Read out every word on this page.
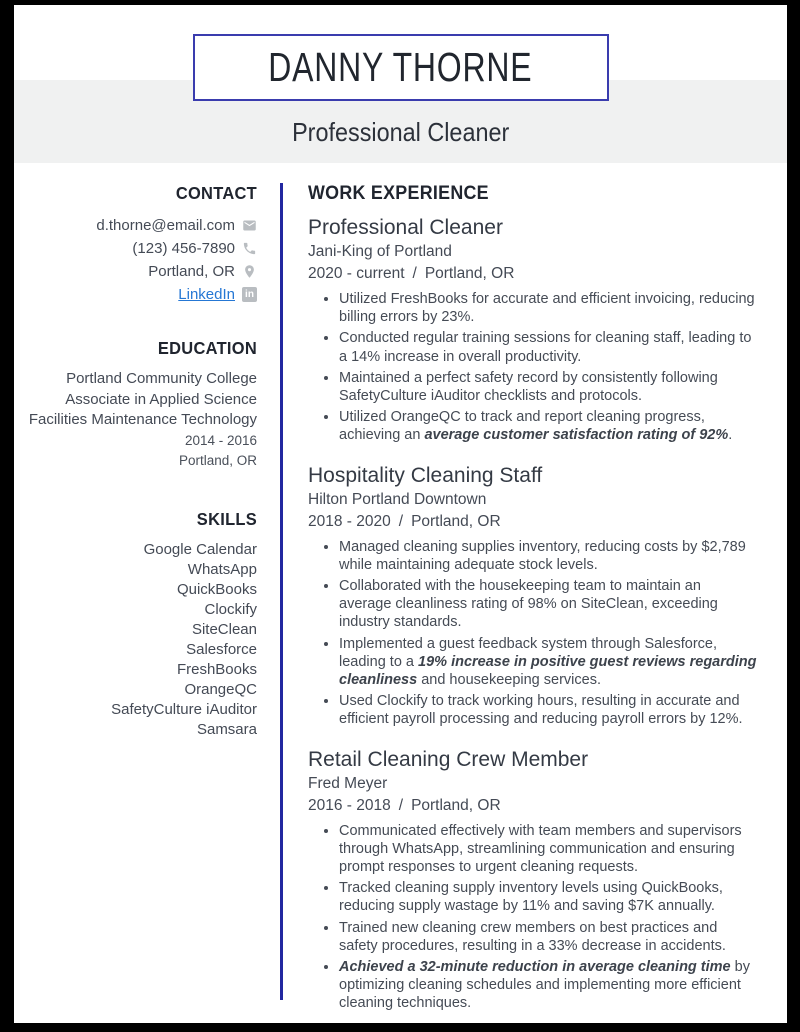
DANNY THORNE
Professional Cleaner
CONTACT
d.thorne@email.com
(123) 456-7890
Portland, OR
LinkedIn	in
EDUCATION
Portland Community College
Associate in Applied Science
Facilities Maintenance Technology
2014 - 2016
Portland, OR
SKILLS
Google Calendar
WhatsApp
QuickBooks
Clockify
SiteClean
Salesforce
FreshBooks
OrangeQC
SafetyCulture iAuditor
Samsara
WORK EXPERIENCE
Professional Cleaner
Jani-King of Portland
2020 - current / Portland, OR
• Utilized FreshBooks for accurate and efficient invoicing, reducing billing errors by 23%.
• Conducted regular training sessions for cleaning staff, leading to a 14% increase in overall productivity.
• Maintained a perfect safety record by consistently following SafetyCulture iAuditor checklists and protocols.
• Utilized OrangeQC to track and report cleaning progress, achieving an average customer satisfaction rating of 92%.
Hospitality Cleaning Staff
Hilton Portland Downtown
2018 - 2020 / Portland, OR
• Managed cleaning supplies inventory, reducing costs by $2,789 while maintaining adequate stock levels.
• Collaborated with the housekeeping team to maintain an average cleanliness rating of 98% on SiteClean, exceeding industry standards.
• Implemented a guest feedback system through Salesforce, leading to a 19% increase in positive guest reviews regarding cleanliness and housekeeping services.
• Used Clockify to track working hours, resulting in accurate and efficient payroll processing and reducing payroll errors by 12%.
Retail Cleaning Crew Member
Fred Meyer
2016 - 2018 / Portland, OR
• Communicated effectively with team members and supervisors through WhatsApp, streamlining communication and ensuring prompt responses to urgent cleaning requests.
• Tracked cleaning supply inventory levels using QuickBooks, reducing supply wastage by 11% and saving $7K annually.
• Trained new cleaning crew members on best practices and safety procedures, resulting in a 33% decrease in accidents.
• Achieved a 32-minute reduction in average cleaning time by optimizing cleaning schedules and implementing more efficient cleaning techniques.
